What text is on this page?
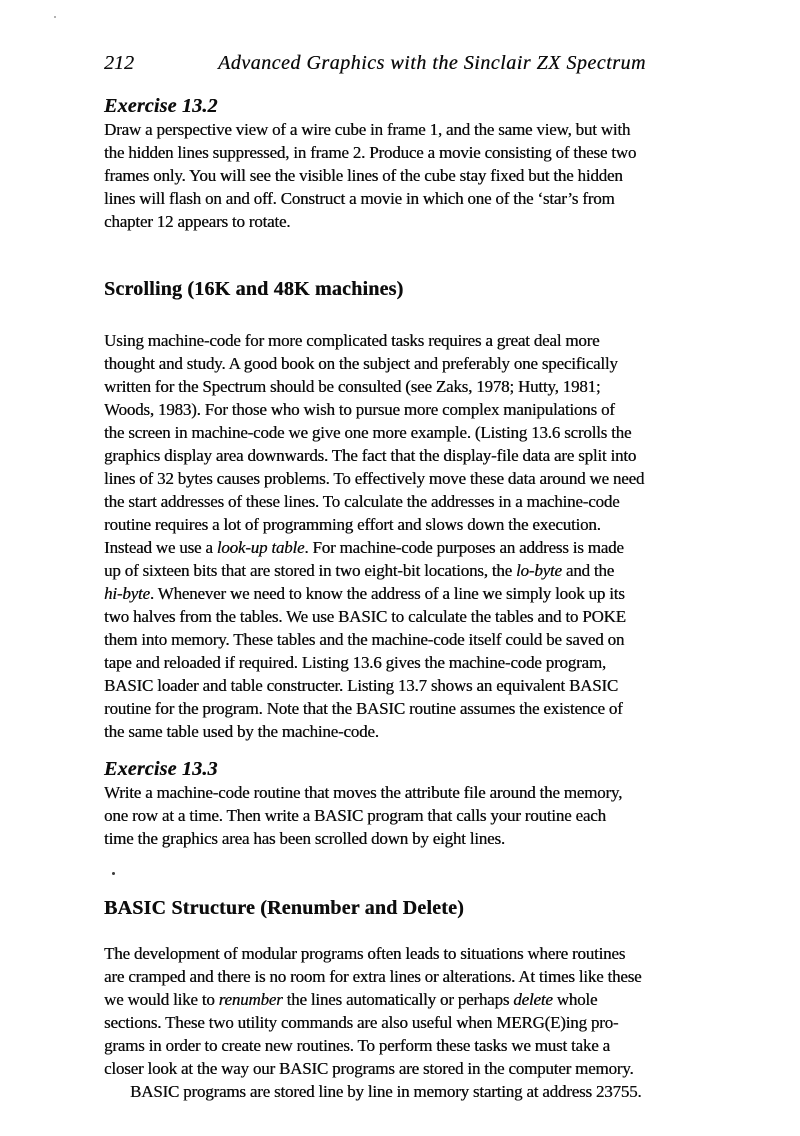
212	Advanced Graphics with the Sinclair ZX Spectrum
Exercise 13.2
Draw a perspective view of a wire cube in frame 1, and the same view, but with
the hidden lines suppressed, in frame 2. Produce a movie consisting of these two
frames only. You will see the visible lines of the cube stay fixed but the hidden
lines will flash on and off. Construct a movie in which one of the ‘star’s from
chapter 12 appears to rotate.
Scrolling (16K and 48K machines)
Using machine-code for more complicated tasks requires a great deal more
thought and study. A good book on the subject and preferably one specifically
written for the Spectrum should be consulted (see Zaks, 1978; Hutty, 1981;
Woods, 1983). For those who wish to pursue more complex manipulations of
the screen in machine-code we give one more example. (Listing 13.6 scrolls the
graphics display area downwards. The fact that the display-file data are split into
lines of 32 bytes causes problems. To effectively move these data around we need
the start addresses of these lines. To calculate the addresses in a machine-code
routine requires a lot of programming effort and slows down the execution.
Instead we use a look-up table. For machine-code purposes an address is made
up of sixteen bits that are stored in two eight-bit locations, the lo-byte and the
hi-byte. Whenever we need to know the address of a line we simply look up its
two halves from the tables. We use BASIC to calculate the tables and to POKE
them into memory. These tables and the machine-code itself could be saved on
tape and reloaded if required. Listing 13.6 gives the machine-code program,
BASIC loader and table constructer. Listing 13.7 shows an equivalent BASIC
routine for the program. Note that the BASIC routine assumes the existence of
the same table used by the machine-code.
Exercise 13.3
Write a machine-code routine that moves the attribute file around the memory,
one row at a time. Then write a BASIC program that calls your routine each
time the graphics area has been scrolled down by eight lines.
BASIC Structure (Renumber and Delete)
The development of modular programs often leads to situations where routines
are cramped and there is no room for extra lines or alterations. At times like these
we would like to renumber the lines automatically or perhaps delete whole
sections. These two utility commands are also useful when MERG(E)ing pro-
grams in order to create new routines. To perform these tasks we must take a
closer look at the way our BASIC programs are stored in the computer memory.
BASIC programs are stored line by line in memory starting at address 23755.
